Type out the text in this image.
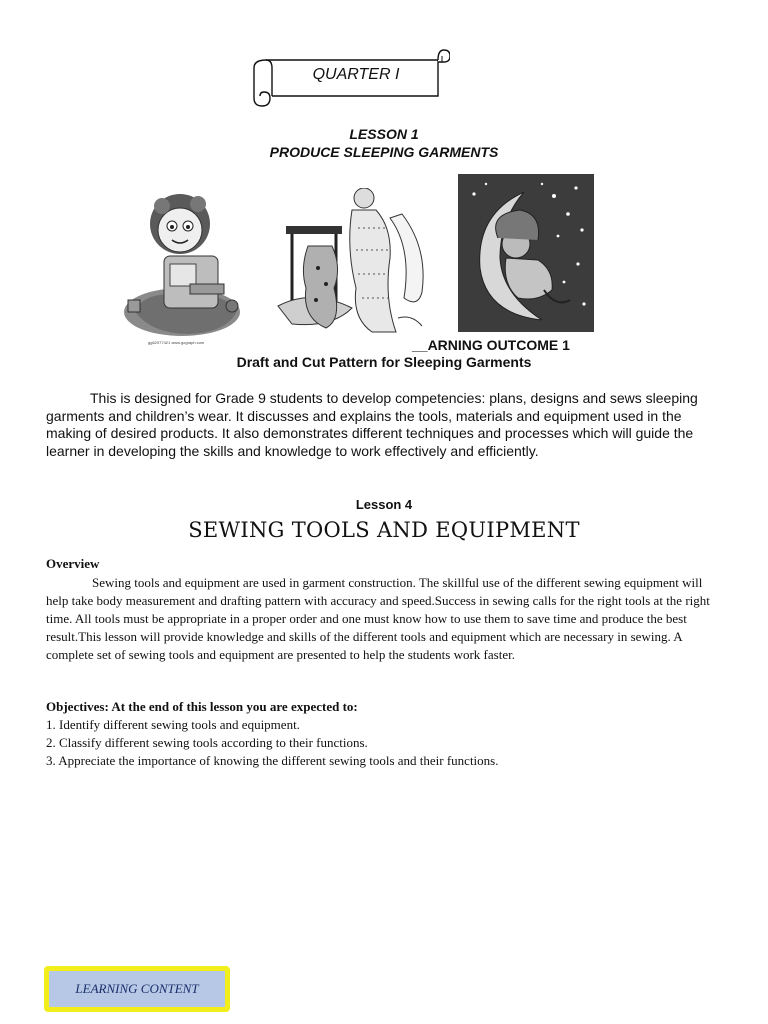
QUARTER I
LESSON 1
PRODUCE SLEEPING GARMENTS
gg62077421 www.gograph.com	__ARNING OUTCOME 1
Draft and Cut Pattern for Sleeping Garments

This is designed for Grade 9 students to develop competencies: plans, designs and sews sleeping garments and children’s wear. It discusses and explains the tools, materials and equipment used in the making of desired products. It also demonstrates different techniques and processes which will guide the learner in developing the skills and knowledge to work effectively and efficiently.

Lesson 4
SEWING TOOLS AND EQUIPMENT
Overview

Sewing tools and equipment are used in garment construction. The skillful use of the different sewing equipment will help take body measurement and drafting pattern with accuracy and speed.Success in sewing calls for the right tools at the right time. All tools must be appropriate in a proper order and one must know how to use them to save time and produce the best result.This lesson will provide knowledge and skills of the different tools and equipment which are necessary in sewing. A complete set of sewing tools and equipment are presented to help the students work faster.

Objectives: At the end of this lesson you are expected to:
1. Identify different sewing tools and equipment.
2. Classify different sewing tools according to their functions.
3. Appreciate the importance of knowing the different sewing tools and their functions.
LEARNING CONTENT
